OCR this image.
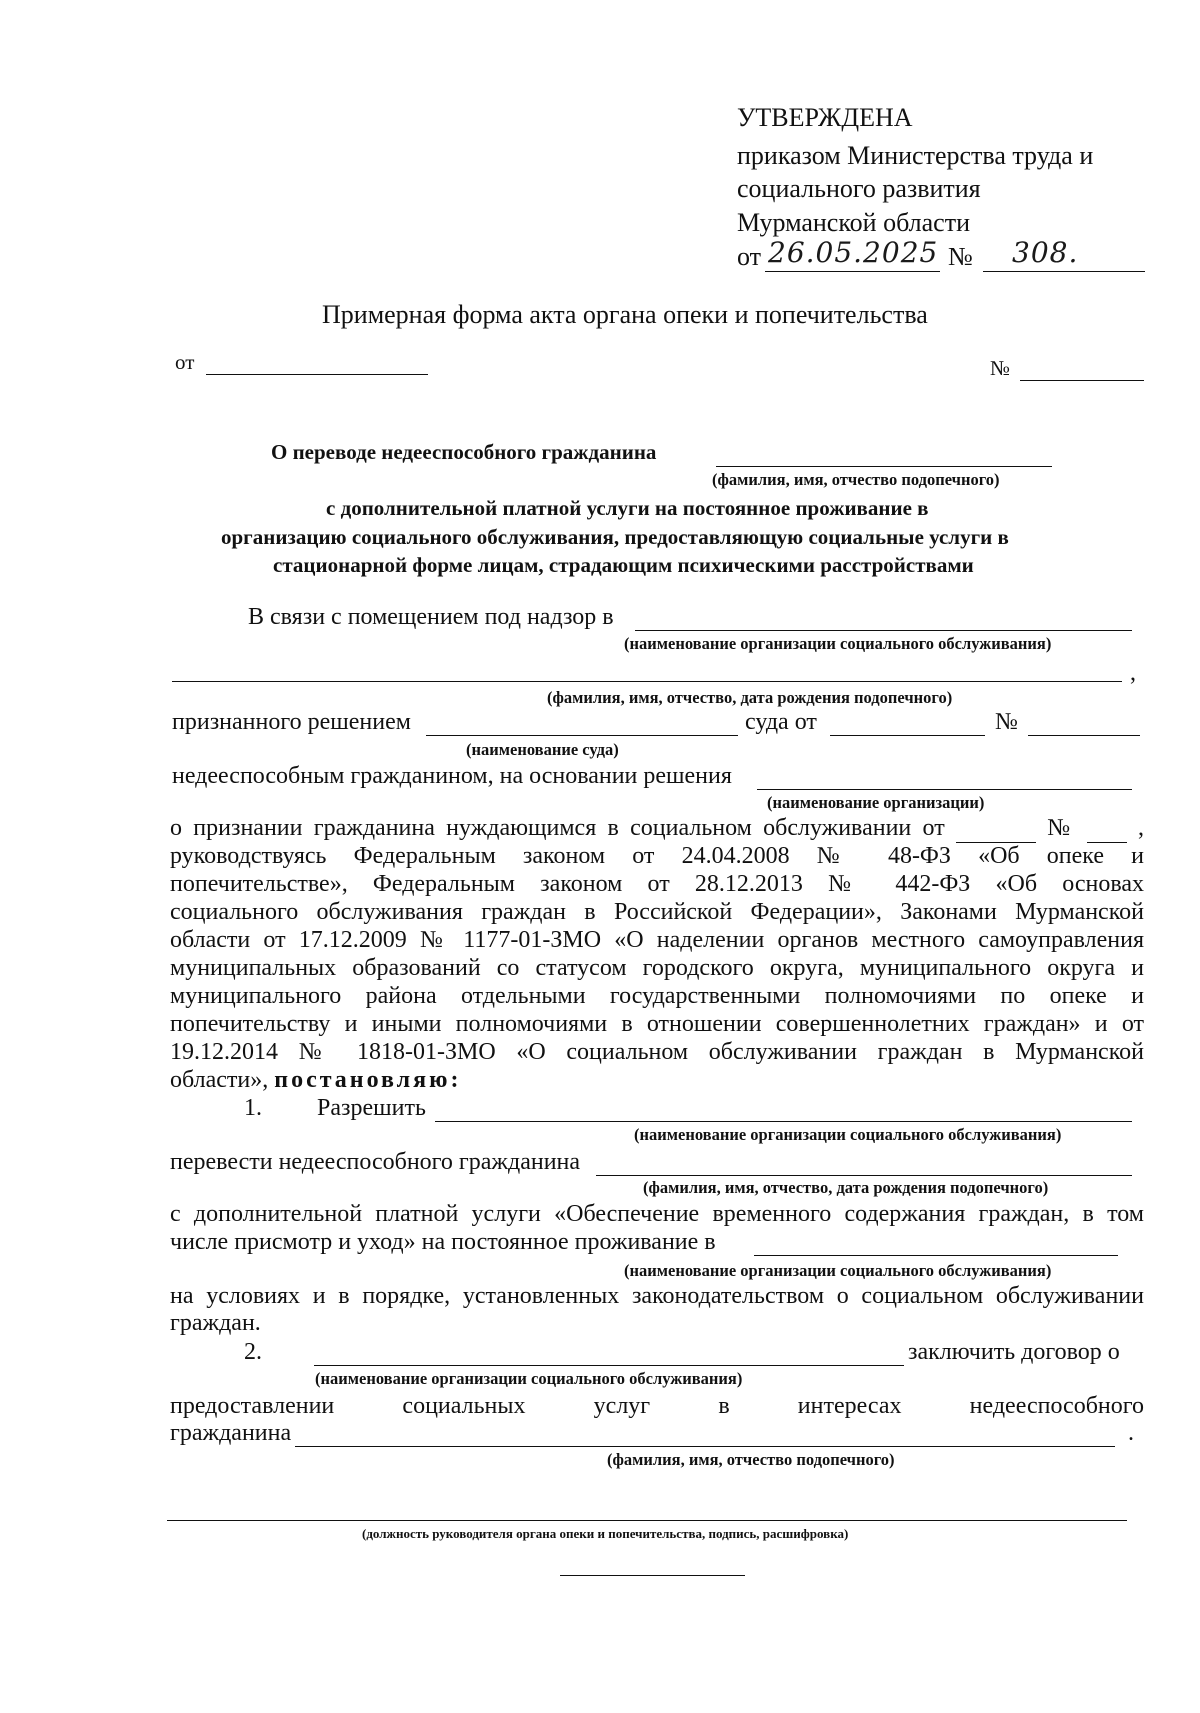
УТВЕРЖДЕНА
приказом Министерства труда и
социального развития
Мурманской области
от 26.05.2025 № 308.
Примерная форма акта органа опеки и попечительства
от	№
О переводе недееспособного гражданина
(фамилия, имя, отчество подопечного)
с дополнительной платной услуги на постоянное проживание в
организацию социального обслуживания, предоставляющую социальные услуги в
стационарной форме лицам, страдающим психическими расстройствами
В связи с помещением под надзор в
(наименование организации социального обслуживания)
,
(фамилия, имя, отчество, дата рождения подопечного)
признанного решением	суда от	№
(наименование суда)
недееспособным гражданином, на основании решения
(наименование организации)
о признании гражданина нуждающимся в социальном обслуживании от	№	,
руководствуясь Федеральным законом от 24.04.2008 № 48-ФЗ «Об опеке и
попечительстве», Федеральным законом от 28.12.2013 № 442-ФЗ «Об основах
социального обслуживания граждан в Российской Федерации», Законами Мурманской
области от 17.12.2009 № 1177-01-ЗМО «О наделении органов местного самоуправления
муниципальных образований со статусом городского округа, муниципального округа и
муниципального района отдельными государственными полномочиями по опеке и
попечительству и иными полномочиями в отношении совершеннолетних граждан» и от
19.12.2014 № 1818-01-ЗМО «О социальном обслуживании граждан в Мурманской
области», постановляю:
1. Разрешить
(наименование организации социального обслуживания)
перевести недееспособного гражданина
(фамилия, имя, отчество, дата рождения подопечного)
с дополнительной платной услуги «Обеспечение временного содержания граждан, в том
числе присмотр и уход» на постоянное проживание в
(наименование организации социального обслуживания)
на условиях и в порядке, установленных законодательством о социальном обслуживании
граждан.
2.	заключить договор о
(наименование организации социального обслуживания)
предоставлении социальных услуг в интересах недееспособного
гражданина	.
(фамилия, имя, отчество подопечного)
(должность руководителя органа опеки и попечительства, подпись, расшифровка)
